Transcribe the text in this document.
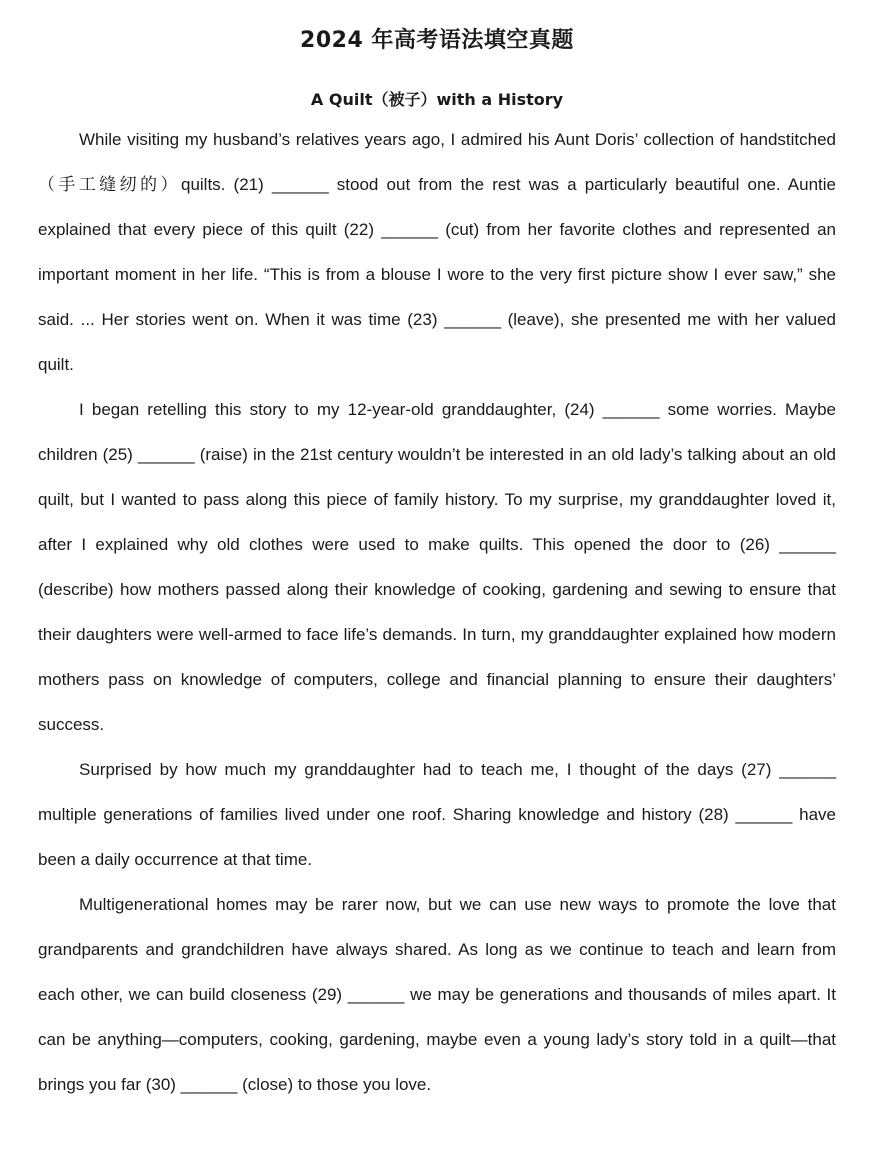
2024 年高考语法填空真题
A Quilt（被子）with a History

While visiting my husband’s relatives years ago, I admired his Aunt Doris’ collection of handstitched（手工缝纫的）quilts. (21) ______ stood out from the rest was a particularly beautiful one. Auntie explained that every piece of this quilt (22) ______ (cut) from her favorite clothes and represented an important moment in her life. “This is from a blouse I wore to the very first picture show I ever saw,” she said. ... Her stories went on. When it was time (23) ______ (leave), she presented me with her valued quilt.

I began retelling this story to my 12-year-old granddaughter, (24) ______ some worries. Maybe children (25) ______ (raise) in the 21st century wouldn’t be interested in an old lady’s talking about an old quilt, but I wanted to pass along this piece of family history. To my surprise, my granddaughter loved it, after I explained why old clothes were used to make quilts. This opened the door to (26) ______ (describe) how mothers passed along their knowledge of cooking, gardening and sewing to ensure that their daughters were well-armed to face life’s demands. In turn, my granddaughter explained how modern mothers pass on knowledge of computers, college and financial planning to ensure their daughters’ success.

Surprised by how much my granddaughter had to teach me, I thought of the days (27) ______ multiple generations of families lived under one roof. Sharing knowledge and history (28) ______ have been a daily occurrence at that time.

Multigenerational homes may be rarer now, but we can use new ways to promote the love that grandparents and grandchildren have always shared. As long as we continue to teach and learn from each other, we can build closeness (29) ______ we may be generations and thousands of miles apart. It can be anything—computers, cooking, gardening, maybe even a young lady’s story told in a quilt—that brings you far (30) ______ (close) to those you love.
